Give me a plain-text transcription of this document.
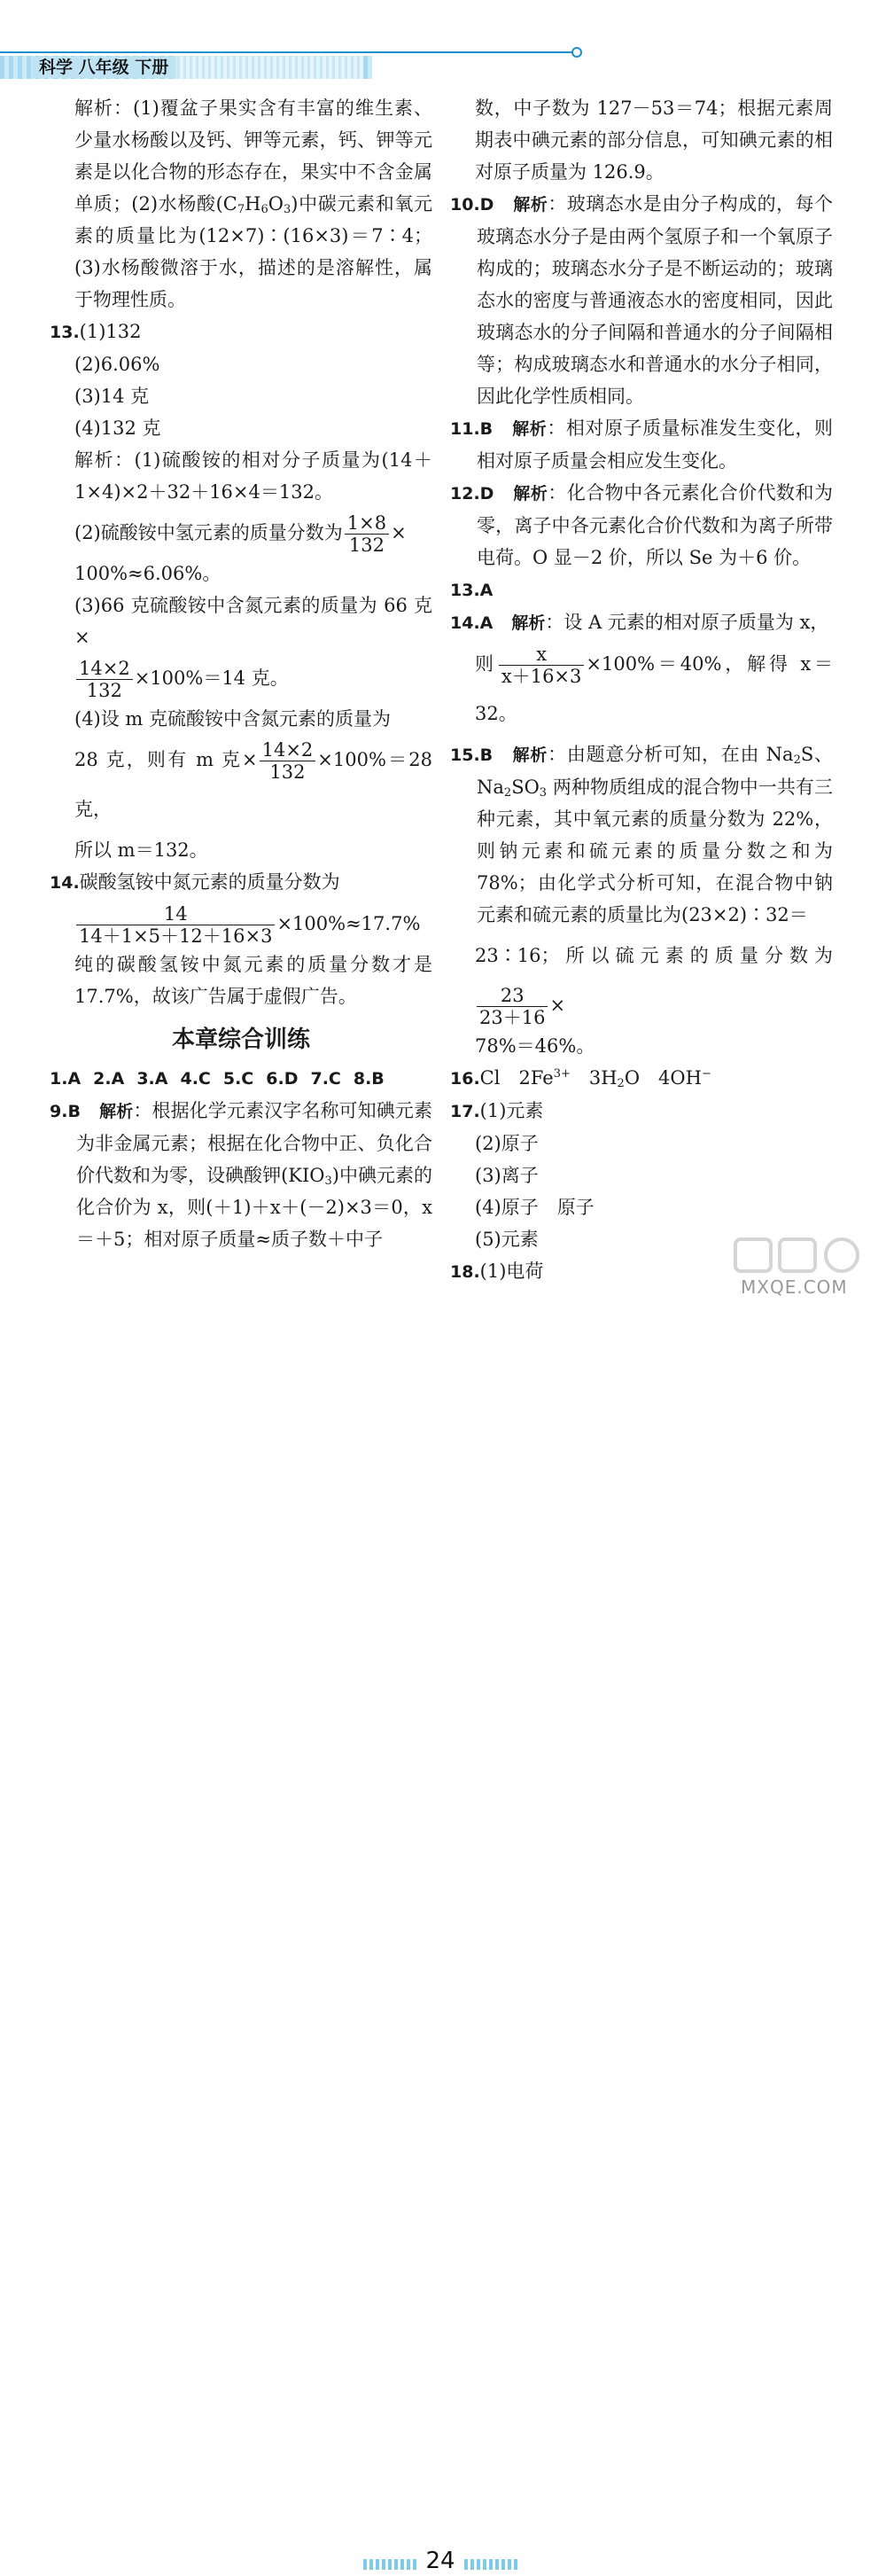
科学 八年级 下册

解析：(1)覆盆子果实含有丰富的维生素、少量水杨酸以及钙、钾等元素，钙、钾等元素是以化合物的形态存在，果实中不含金属单质；(2)水杨酸$(C_7H_6O_3)$中碳元素和氧元素的质量比为(12×7)∶(16×3)＝7∶4；(3)水杨酸微溶于水，描述的是溶解性，属于物理性质。

13.(1)132

(2)6.06%

(3)14 克

(4)132 克

解析：(1)硫酸铵的相对分子质量为(14＋1×4)×2＋32＋16×4＝132。

(2)硫酸铵中氢元素的质量分数为 $\frac{1\times 8}{132}$ ×

100%≈6.06%。

(3)66 克硫酸铵中含氮元素的质量为 66 克×

$\frac{14\times 2}{132} \times 100\%=14$ 克。

(4)设 m 克硫酸铵中含氮元素的质量为

28 克，则有 m 克× $\frac{14\times 2}{132} \times 100\%=28$ 克，

所以 m＝132。

14.碳酸氢铵中氮元素的质量分数为

$\frac{14}{14+1\times 5+12+16\times 3} \times 100\%\approx 17.7\%$

纯的碳酸氢铵中氮元素的质量分数才是17.7%，故该广告属于虚假广告。

本章综合训练

1.A 2.A 3.A 4.C 5.C 6.D 7.C 8.B

9.B　 解析：根据化学元素汉字名称可知碘元素为非金属元素；根据在化合物中正、负化合价代数和为零，设碘酸钾$(KIO_3)$中碘元素的化合价为 x，则(＋1)＋x＋(－2)×3＝0，x＝＋5；相对原子质量≈质子数＋中子

数，中子数为 127－53＝74；根据元素周期表中碘元素的部分信息，可知碘元素的相对原子质量为 126.9。

10.D　 解析：玻璃态水是由分子构成的，每个玻璃态水分子是由两个氢原子和一个氧原子构成的；玻璃态水分子是不断运动的；玻璃态水的密度与普通液态水的密度相同，因此玻璃态水的分子间隔和普通水的分子间隔相等；构成玻璃态水和普通水的水分子相同，因此化学性质相同。

11.B　 解析：相对原子质量标准发生变化，则相对原子质量会相应发生变化。

12.D　 解析：化合物中各元素化合价代数和为零，离子中各元素化合价代数和为离子所带电荷。O 显－2 价，所以 Se 为＋6 价。

13.A

14.A　 解析：设 A 元素的相对原子质量为 x，

则 $\frac{x}{x+16\times 3} \times 100\%=40\%$，解得 x＝32。

15.B　 解析：由题意分析可知，在由 $Na_2S$、$Na_2SO_3$ 两种物质组成的混合物中一共有三种元素，其中氧元素的质量分数为 22%，则钠元素和硫元素的质量分数之和为78%；由化学式分析可知，在混合物中钠元素和硫元素的质量比为(23×2)∶32＝

23∶16；所以硫元素的质量分数为
$\frac{23}{23+16}$ ×

78%＝46%。

16.Cl　 $2Fe^{3+}$　 $3H_2O$　 4OH−

17.(1)元素

(2)原子

(3)离子

(4)原子　原子

(5)元素

18.(1)电荷

24
MXQE.COM
